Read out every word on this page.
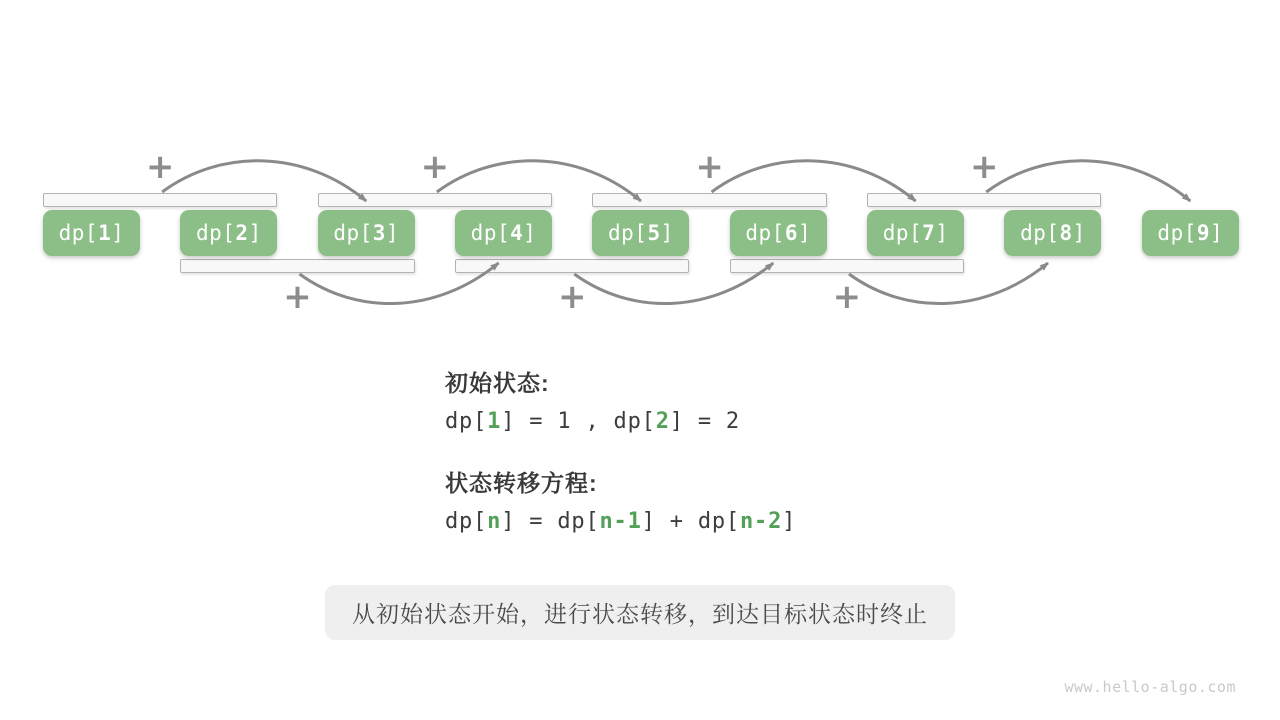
dp[ 1 ]	dp[ 2 ]	dp[ 3 ]	dp[ 4 ]	dp[ 5 ]	dp[ 6 ]	dp[ 7 ]	dp[ 8 ]	dp[ 9 ]
+	+	+	+
+	+	+
初始状态:
dp[1] = 1 , dp[2] = 2
状态转移方程:
dp[n] = dp[n-1] + dp[n-2]
从初始状态开始，进行状态转移，到达目标状态时终止
www.hello-algo.com
